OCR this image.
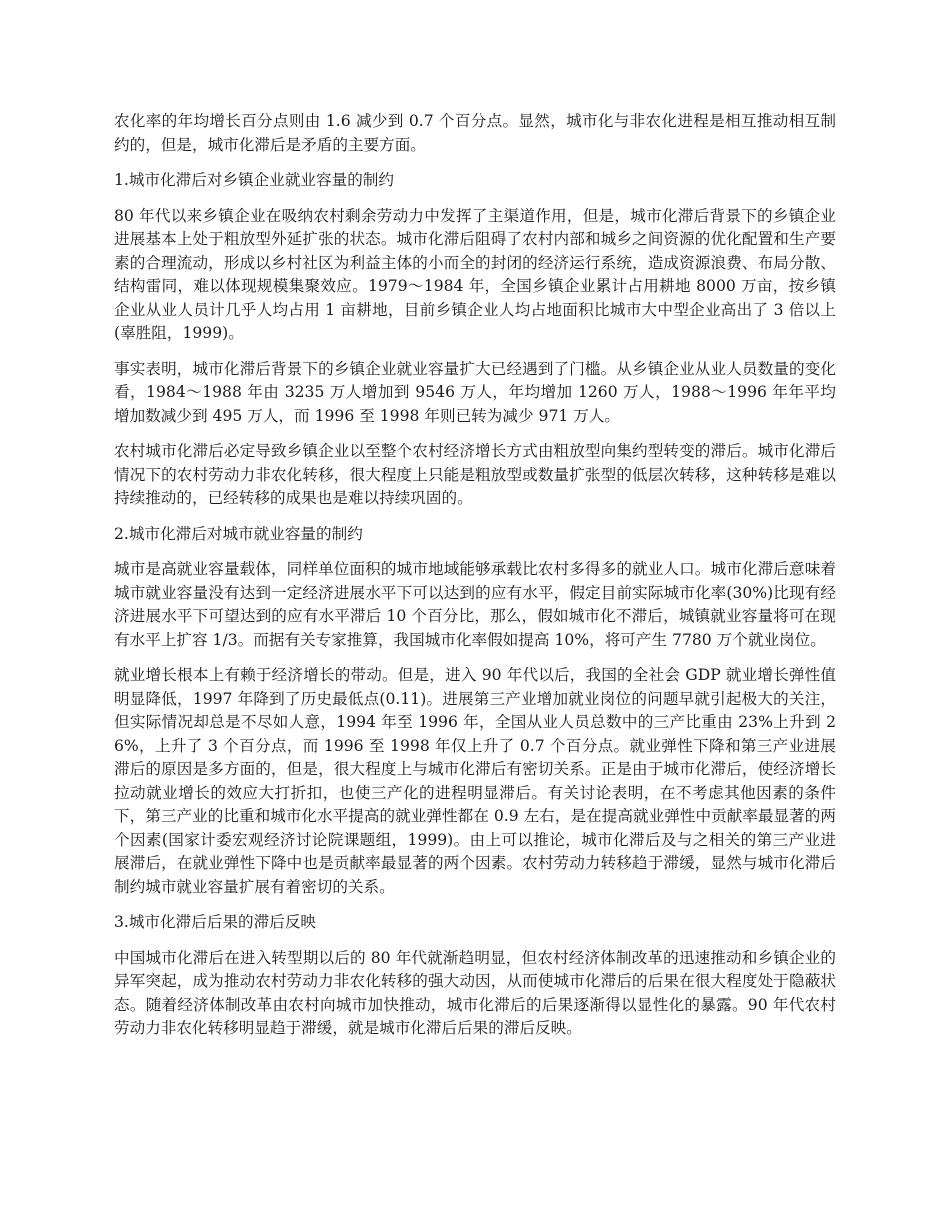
农化率的年均增长百分点则由 1.6 减少到 0.7 个百分点。显然，城市化与非农化进程是相互推动相互制约的，但是，城市化滞后是矛盾的主要方面。

1.城市化滞后对乡镇企业就业容量的制约

80 年代以来乡镇企业在吸纳农村剩余劳动力中发挥了主渠道作用，但是，城市化滞后背景下的乡镇企业进展基本上处于粗放型外延扩张的状态。城市化滞后阻碍了农村内部和城乡之间资源的优化配置和生产要素的合理流动，形成以乡村社区为利益主体的小而全的封闭的经济运行系统，造成资源浪费、布局分散、结构雷同，难以体现规模集聚效应。1979～1984 年，全国乡镇企业累计占用耕地 8000 万亩，按乡镇企业从业人员计几乎人均占用 1 亩耕地，目前乡镇企业人均占地面积比城市大中型企业高出了 3 倍以上(辜胜阻，1999)。

事实表明，城市化滞后背景下的乡镇企业就业容量扩大已经遇到了门槛。从乡镇企业从业人员数量的变化看，1984～1988 年由 3235 万人增加到 9546 万人，年均增加 1260 万人，1988～1996 年年平均增加数减少到 495 万人，而 1996 至 1998 年则已转为减少 971 万人。

农村城市化滞后必定导致乡镇企业以至整个农村经济增长方式由粗放型向集约型转变的滞后。城市化滞后情况下的农村劳动力非农化转移，很大程度上只能是粗放型或数量扩张型的低层次转移，这种转移是难以持续推动的，已经转移的成果也是难以持续巩固的。

2.城市化滞后对城市就业容量的制约

城市是高就业容量载体，同样单位面积的城市地域能够承载比农村多得多的就业人口。城市化滞后意味着城市就业容量没有达到一定经济进展水平下可以达到的应有水平，假定目前实际城市化率(30%)比现有经济进展水平下可望达到的应有水平滞后 10 个百分比，那么，假如城市化不滞后，城镇就业容量将可在现有水平上扩容 1/3。而据有关专家推算，我国城市化率假如提高 10%，将可产生 7780 万个就业岗位。

就业增长根本上有赖于经济增长的带动。但是，进入 90 年代以后，我国的全社会 GDP 就业增长弹性值明显降低，1997 年降到了历史最低点(0.11)。进展第三产业增加就业岗位的问题早就引起极大的关注，但实际情况却总是不尽如人意，1994 年至 1996 年，全国从业人员总数中的三产比重由 23%上升到 26%，上升了 3 个百分点，而 1996 至 1998 年仅上升了 0.7 个百分点。就业弹性下降和第三产业进展滞后的原因是多方面的，但是，很大程度上与城市化滞后有密切关系。正是由于城市化滞后，使经济增长拉动就业增长的效应大打折扣，也使三产化的进程明显滞后。有关讨论表明，在不考虑其他因素的条件下，第三产业的比重和城市化水平提高的就业弹性都在 0.9 左右，是在提高就业弹性中贡献率最显著的两个因素(国家计委宏观经济讨论院课题组，1999)。由上可以推论，城市化滞后及与之相关的第三产业进展滞后，在就业弹性下降中也是贡献率最显著的两个因素。农村劳动力转移趋于滞缓，显然与城市化滞后制约城市就业容量扩展有着密切的关系。

3.城市化滞后后果的滞后反映

中国城市化滞后在进入转型期以后的 80 年代就渐趋明显，但农村经济体制改革的迅速推动和乡镇企业的异军突起，成为推动农村劳动力非农化转移的强大动因，从而使城市化滞后的后果在很大程度处于隐蔽状态。随着经济体制改革由农村向城市加快推动，城市化滞后的后果逐渐得以显性化的暴露。90 年代农村劳动力非农化转移明显趋于滞缓，就是城市化滞后后果的滞后反映。
